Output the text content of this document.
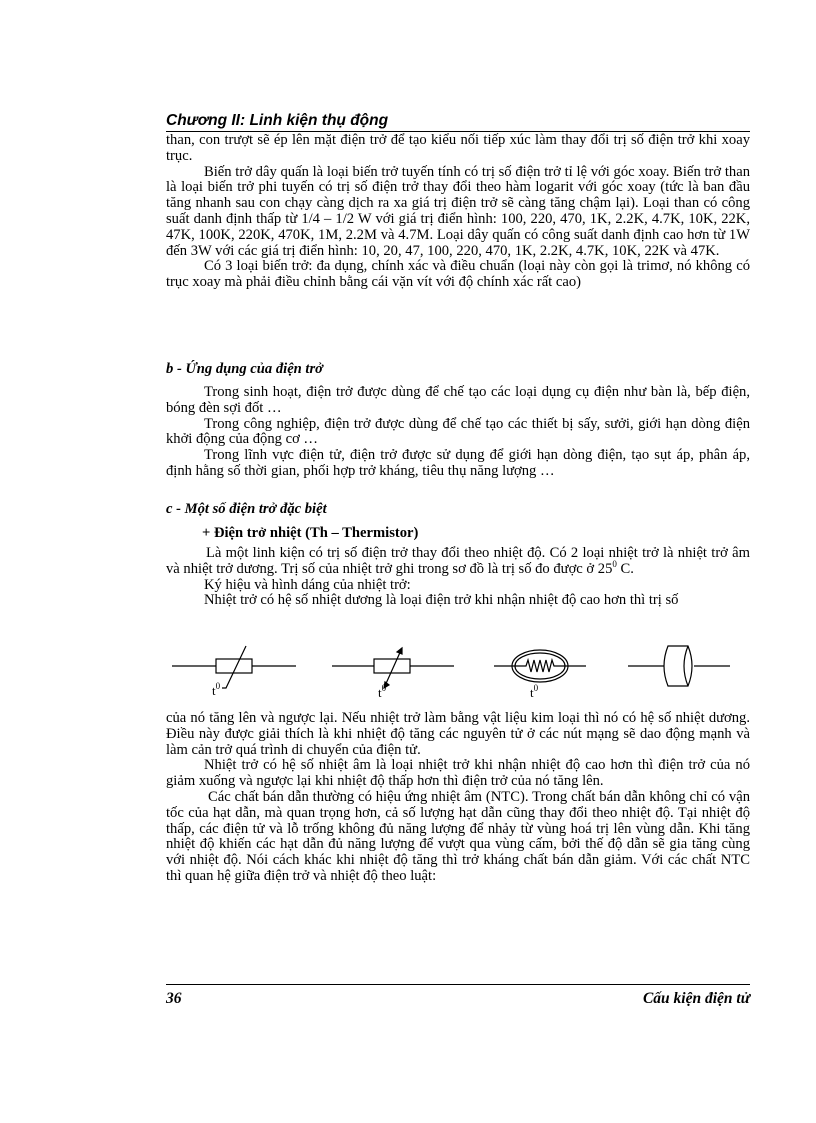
Chương II: Linh kiện thụ động

than, con trượt sẽ ép lên mặt điện trở để tạo kiểu nối tiếp xúc làm thay đổi trị số điện trở khi xoay trục.

Biến trở dây quấn là loại biến trở tuyến tính có trị số điện trở tỉ lệ với góc xoay. Biến trở than là loại biến trở phi tuyến có trị số điện trở thay đổi theo hàm logarit với góc xoay (tức là ban đầu tăng nhanh sau con chạy càng dịch ra xa giá trị điện trở sẽ càng tăng chậm lại). Loại than có công suất danh định thấp từ 1/4 – 1/2 W với giá trị điển hình: 100, 220, 470, 1K, 2.2K, 4.7K, 10K, 22K, 47K, 100K, 220K, 470K, 1M, 2.2M và 4.7M. Loại dây quấn có công suất danh định cao hơn từ 1W đến 3W với các giá trị điển hình: 10, 20, 47, 100, 220, 470, 1K, 2.2K, 4.7K, 10K, 22K và 47K.

Có 3 loại biến trở: đa dụng, chính xác và điều chuẩn (loại này còn gọi là trimơ, nó không có trục xoay mà phải điều chỉnh bằng cái vặn vít với độ chính xác rất cao)

b - Ứng dụng của điện trở

Trong sinh hoạt, điện trở được dùng để chế tạo các loại dụng cụ điện như bàn là, bếp điện, bóng đèn sợi đốt …

Trong công nghiệp, điện trở được dùng để chế tạo các thiết bị sấy, sưởi, giới hạn dòng điện khởi động của động cơ …

Trong lĩnh vực điện tử, điện trở được sử dụng để giới hạn dòng điện, tạo sụt áp, phân áp, định hằng số thời gian, phối hợp trở kháng, tiêu thụ năng lượng …

c - Một số điện trở đặc biệt
+ Điện trở nhiệt (Th – Thermistor)

Là một linh kiện có trị số điện trở thay đổi theo nhiệt độ. Có 2 loại nhiệt trở là nhiệt trở âm và nhiệt trở dương. Trị số của nhiệt trở ghi trong sơ đồ là trị số đo được ở $25^0$ C.

Ký hiệu và hình dáng của nhiệt trở:

Nhiệt trở có hệ số nhiệt dương là loại điện trở khi nhận nhiệt độ cao hơn thì trị số

$t^0$	$t^0$	$t^0$

của nó tăng lên và ngược lại. Nếu nhiệt trở làm bằng vật liệu kim loại thì nó có hệ số nhiệt dương. Điều này được giải thích là khi nhiệt độ tăng các nguyên tử ở các nút mạng sẽ dao động mạnh và làm cản trở quá trình di chuyển của điện tử.

Nhiệt trở có hệ số nhiệt âm là loại nhiệt trở khi nhận nhiệt độ cao hơn thì điện trở của nó giảm xuống và ngược lại khi nhiệt độ thấp hơn thì điện trở của nó tăng lên.

Các chất bán dẫn thường có hiệu ứng nhiệt âm (NTC). Trong chất bán dẫn không chỉ có vận tốc của hạt dẫn, mà quan trọng hơn, cả số lượng hạt dẫn cũng thay đổi theo nhiệt độ. Tại nhiệt độ thấp, các điện tử và lỗ trống không đủ năng lượng để nhảy từ vùng hoá trị lên vùng dẫn. Khi tăng nhiệt độ khiến các hạt dẫn đủ năng lượng để vượt qua vùng cấm, bởi thế độ dẫn sẽ gia tăng cùng với nhiệt độ. Nói cách khác khi nhiệt độ tăng thì trở kháng chất bán dẫn giảm. Với các chất NTC thì quan hệ giữa điện trở và nhiệt độ theo luật:

36	Cấu kiện điện tử
